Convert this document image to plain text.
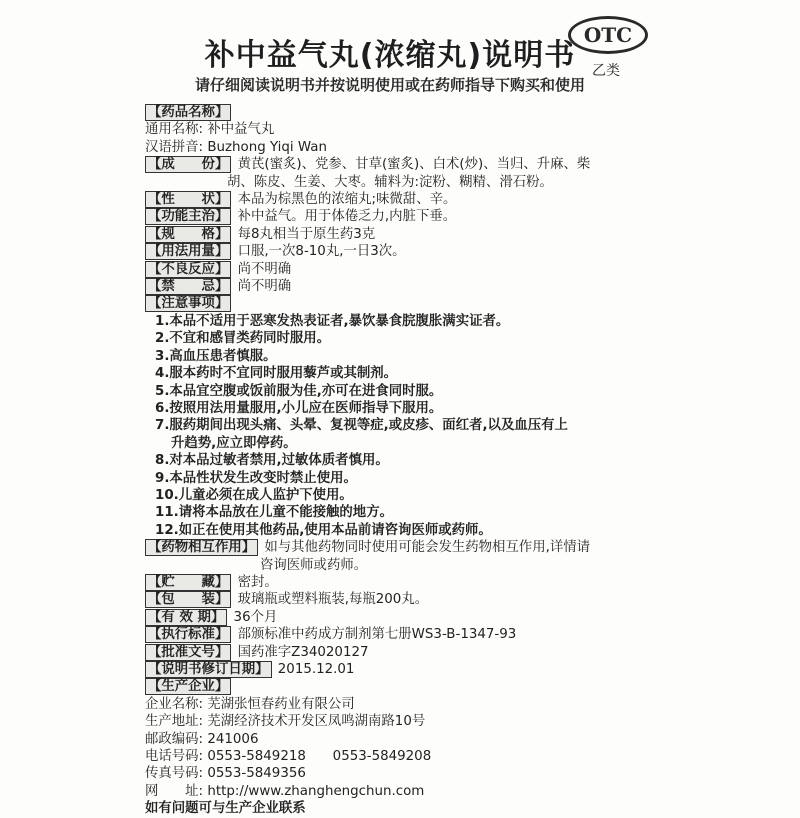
补中益气丸(浓缩丸)说明书
请仔细阅读说明书并按说明使用或在药师指导下购买和使用
OTC
乙类
【药品名称】
通用名称: 补中益气丸
汉语拼音: Buzhong Yiqi Wan
【成　　份】 黄芪(蜜炙)、党参、甘草(蜜炙)、白术(炒)、当归、升麻、柴
胡、陈皮、生姜、大枣。辅料为:淀粉、糊精、滑石粉。
【性　　状】 本品为棕黑色的浓缩丸;味微甜、辛。
【功能主治】 补中益气。用于体倦乏力,内脏下垂。
【规　　格】 每8丸相当于原生药3克
【用法用量】 口服,一次8-10丸,一日3次。
【不良反应】 尚不明确
【禁　　忌】 尚不明确
【注意事项】
1.本品不适用于恶寒发热表证者,暴饮暴食脘腹胀满实证者。
2.不宜和感冒类药同时服用。
3.高血压患者慎服。
4.服本药时不宜同时服用藜芦或其制剂。
5.本品宜空腹或饭前服为佳,亦可在进食同时服。
6.按照用法用量服用,小儿应在医师指导下服用。
7.服药期间出现头痛、头晕、复视等症,或皮疹、面红者,以及血压有上
升趋势,应立即停药。
8.对本品过敏者禁用,过敏体质者慎用。
9.本品性状发生改变时禁止使用。
10.儿童必须在成人监护下使用。
11.请将本品放在儿童不能接触的地方。
12.如正在使用其他药品,使用本品前请咨询医师或药师。
【药物相互作用】 如与其他药物同时使用可能会发生药物相互作用,详情请
咨询医师或药师。
【贮　　藏】 密封。
【包　　装】 玻璃瓶或塑料瓶装,每瓶200丸。
【有 效 期】 36个月
【执行标准】 部颁标准中药成方制剂第七册WS3-B-1347-93
【批准文号】 国药准字Z34020127
【说明书修订日期】 2015.12.01
【生产企业】
企业名称: 芜湖张恒春药业有限公司
生产地址: 芜湖经济技术开发区凤鸣湖南路10号
邮政编码: 241006
电话号码: 0553-5849218　　0553-5849208
传真号码: 0553-5849356
网　　址: http://www.zhanghengchun.com
如有问题可与生产企业联系
